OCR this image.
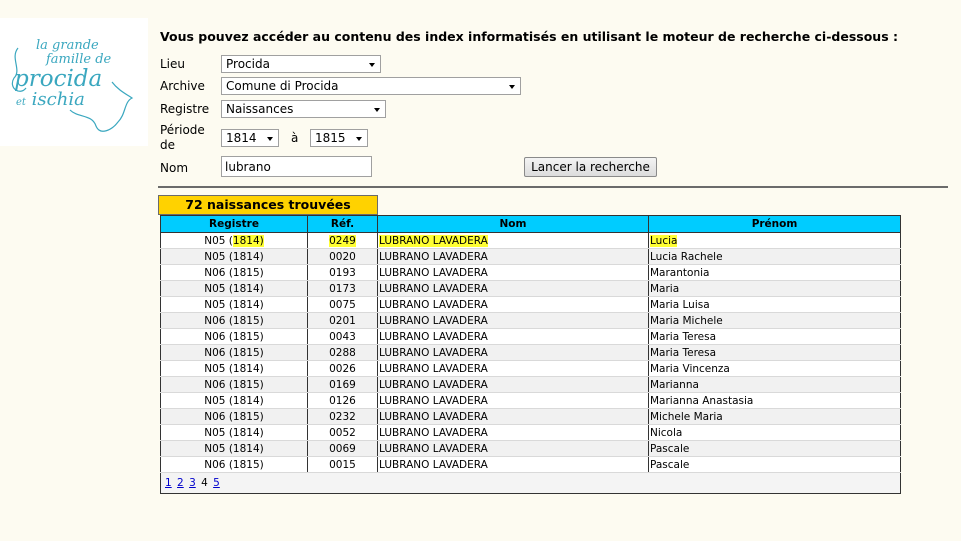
la grande
famille de
procida
et ischia
Vous pouvez accéder au contenu des index informatisés en utilisant le moteur de recherche ci-dessous :
Lieu	Procida
Archive	Comune di Procida
Registre	Naissances
Période
de	1814	à	1815
Nom	lubrano	Lancer la recherche
72 naissances trouvées
Registre	Réf.	Nom	Prénom
N05 (1814)	0249	LUBRANO LAVADERA	Lucia
N05 (1814)	0020	LUBRANO LAVADERA	Lucia Rachele
N06 (1815)	0193	LUBRANO LAVADERA	Marantonia
N05 (1814)	0173	LUBRANO LAVADERA	Maria
N05 (1814)	0075	LUBRANO LAVADERA	Maria Luisa
N06 (1815)	0201	LUBRANO LAVADERA	Maria Michele
N06 (1815)	0043	LUBRANO LAVADERA	Maria Teresa
N06 (1815)	0288	LUBRANO LAVADERA	Maria Teresa
N05 (1814)	0026	LUBRANO LAVADERA	Maria Vincenza
N06 (1815)	0169	LUBRANO LAVADERA	Marianna
N05 (1814)	0126	LUBRANO LAVADERA	Marianna Anastasia
N06 (1815)	0232	LUBRANO LAVADERA	Michele Maria
N05 (1814)	0052	LUBRANO LAVADERA	Nicola
N05 (1814)	0069	LUBRANO LAVADERA	Pascale
N06 (1815)	0015	LUBRANO LAVADERA	Pascale
1 2 3 4 5			
